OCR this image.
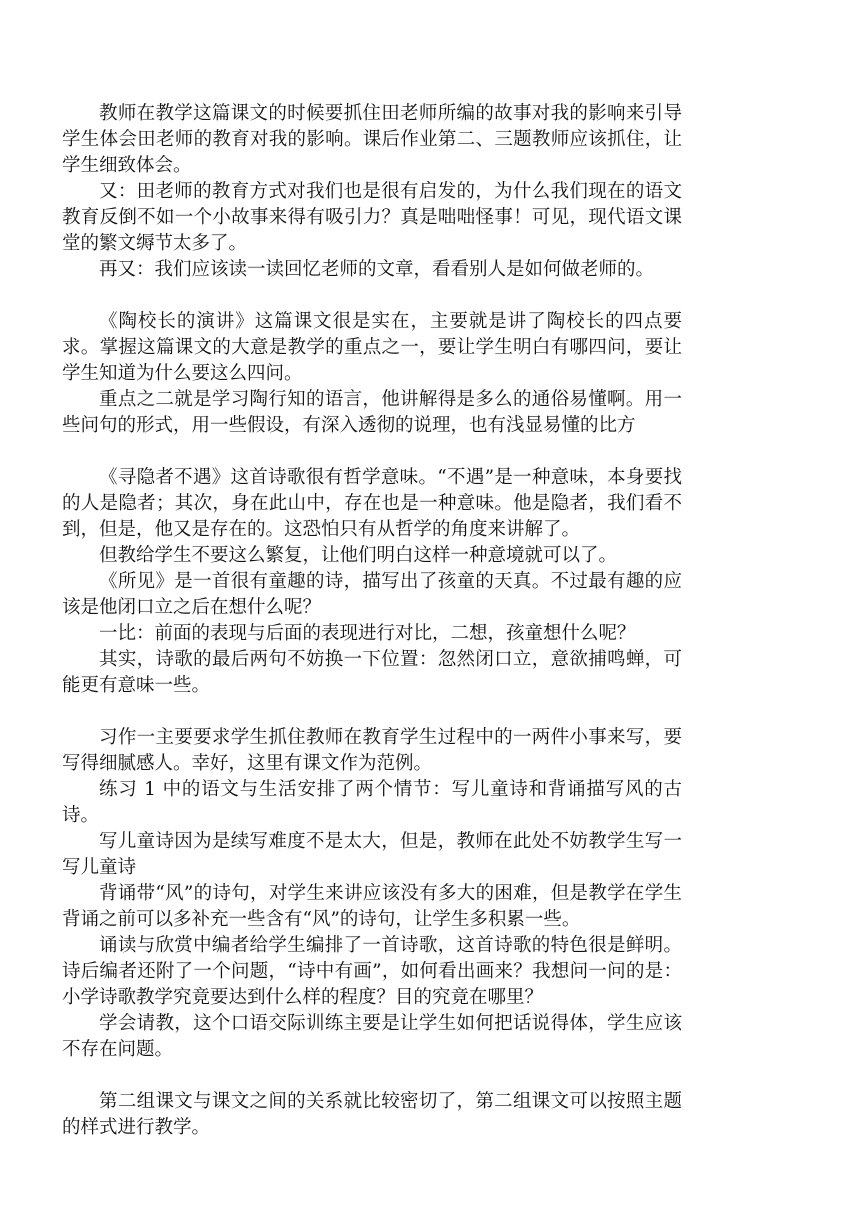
教师在教学这篇课文的时候要抓住田老师所编的故事对我的影响来引导学生体会田老师的教育对我的影响。课后作业第二、三题教师应该抓住，让学生细致体会。

又：田老师的教育方式对我们也是很有启发的，为什么我们现在的语文教育反倒不如一个小故事来得有吸引力？真是咄咄怪事！可见，现代语文课堂的繁文缛节太多了。

再又：我们应该读一读回忆老师的文章，看看别人是如何做老师的。

《陶校长的演讲》这篇课文很是实在，主要就是讲了陶校长的四点要求。掌握这篇课文的大意是教学的重点之一，要让学生明白有哪四问，要让学生知道为什么要这么四问。

重点之二就是学习陶行知的语言，他讲解得是多么的通俗易懂啊。用一些问句的形式，用一些假设，有深入透彻的说理，也有浅显易懂的比方

《寻隐者不遇》这首诗歌很有哲学意味。“不遇”是一种意味，本身要找的人是隐者；其次，身在此山中，存在也是一种意味。他是隐者，我们看不到，但是，他又是存在的。这恐怕只有从哲学的角度来讲解了。

但教给学生不要这么繁复，让他们明白这样一种意境就可以了。

《所见》是一首很有童趣的诗，描写出了孩童的天真。不过最有趣的应该是他闭口立之后在想什么呢？

一比：前面的表现与后面的表现进行对比，二想，孩童想什么呢？

其实，诗歌的最后两句不妨换一下位置：忽然闭口立，意欲捕鸣蝉，可能更有意味一些。

习作一主要要求学生抓住教师在教育学生过程中的一两件小事来写，要写得细腻感人。幸好，这里有课文作为范例。

练习 1 中的语文与生活安排了两个情节：写儿童诗和背诵描写风的古诗。

写儿童诗因为是续写难度不是太大，但是，教师在此处不妨教学生写一写儿童诗

背诵带“风”的诗句，对学生来讲应该没有多大的困难，但是教学在学生背诵之前可以多补充一些含有“风”的诗句，让学生多积累一些。

诵读与欣赏中编者给学生编排了一首诗歌，这首诗歌的特色很是鲜明。诗后编者还附了一个问题，“诗中有画”，如何看出画来？我想问一问的是：小学诗歌教学究竟要达到什么样的程度？目的究竟在哪里？

学会请教，这个口语交际训练主要是让学生如何把话说得体，学生应该不存在问题。

第二组课文与课文之间的关系就比较密切了，第二组课文可以按照主题的样式进行教学。
